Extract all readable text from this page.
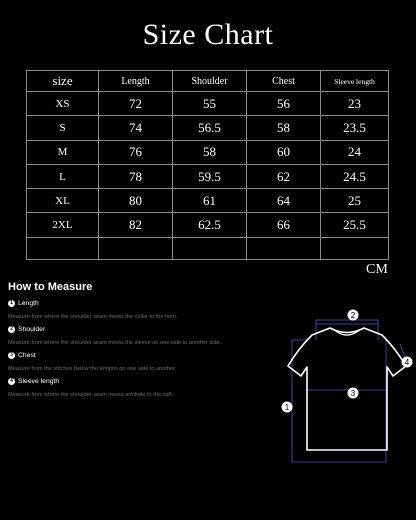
Size Chart
size	Length	Shoulder	Chest	Sleeve length
XS	72	55	56	23
S	74	56.5	58	23.5
M	76	58	60	24
L	78	59.5	62	24.5
XL	80	61	64	25
2XL	82	62.5	66	25.5

CM
How to Measure
1 Length
Measure from where the shoulder seam meets the collar to the hem.
2 Shoulder
Measure from where the shoulder seam meets the sleeve on one side to another side.
3 Chest
Measure from the stitches below the armpits on one side to another.
4 Sleeve length
Measure from where the shoulder seam meets armhole to the cuff.
1
2
3
4
